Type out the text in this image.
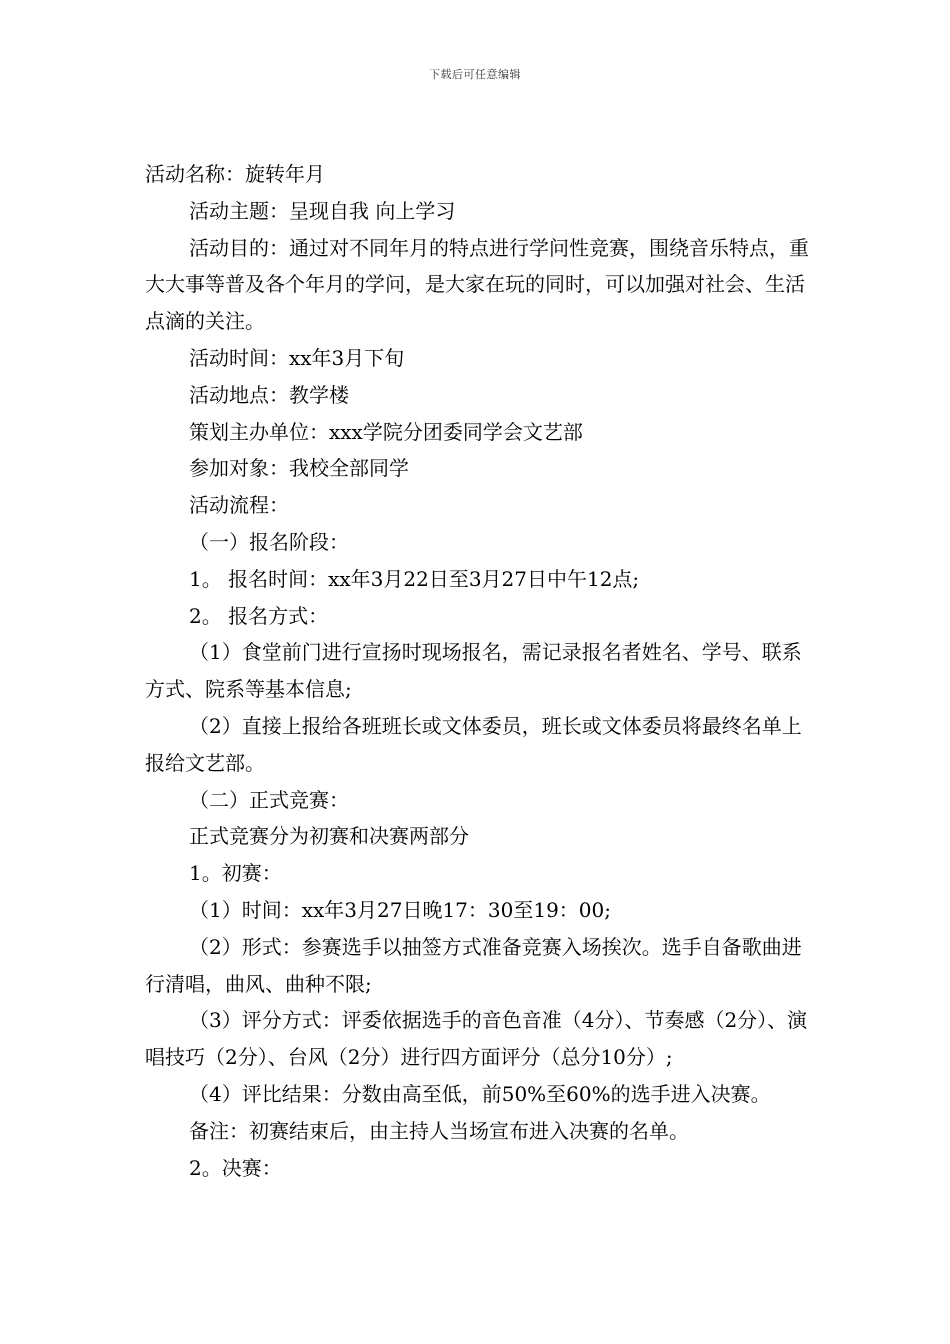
下载后可任意编辑

活动名称：旋转年月

活动主题：呈现自我 向上学习

活动目的：通过对不同年月的特点进行学问性竞赛，围绕音乐特点，重大大事等普及各个年月的学问，是大家在玩的同时，可以加强对社会、生活点滴的关注。

活动时间：xx年3月下旬

活动地点：教学楼

策划主办单位：xxx学院分团委同学会文艺部

参加对象：我校全部同学

活动流程：

（一）报名阶段：

1。 报名时间：xx年3月22日至3月27日中午12点;

2。 报名方式：

（1）食堂前门进行宣扬时现场报名，需记录报名者姓名、学号、联系方式、院系等基本信息;

（2）直接上报给各班班长或文体委员，班长或文体委员将最终名单上报给文艺部。

（二）正式竞赛：

正式竞赛分为初赛和决赛两部分

1。初赛：

（1）时间：xx年3月27日晚17：30至19：00;

（2）形式：参赛选手以抽签方式准备竞赛入场挨次。选手自备歌曲进行清唱，曲风、曲种不限;

（3）评分方式：评委依据选手的音色音准（4分）、节奏感（2分）、演唱技巧（2分）、台风（2分）进行四方面评分（总分10分）;

（4）评比结果：分数由高至低，前50%至60%的选手进入决赛。

备注：初赛结束后，由主持人当场宣布进入决赛的名单。

2。决赛：
